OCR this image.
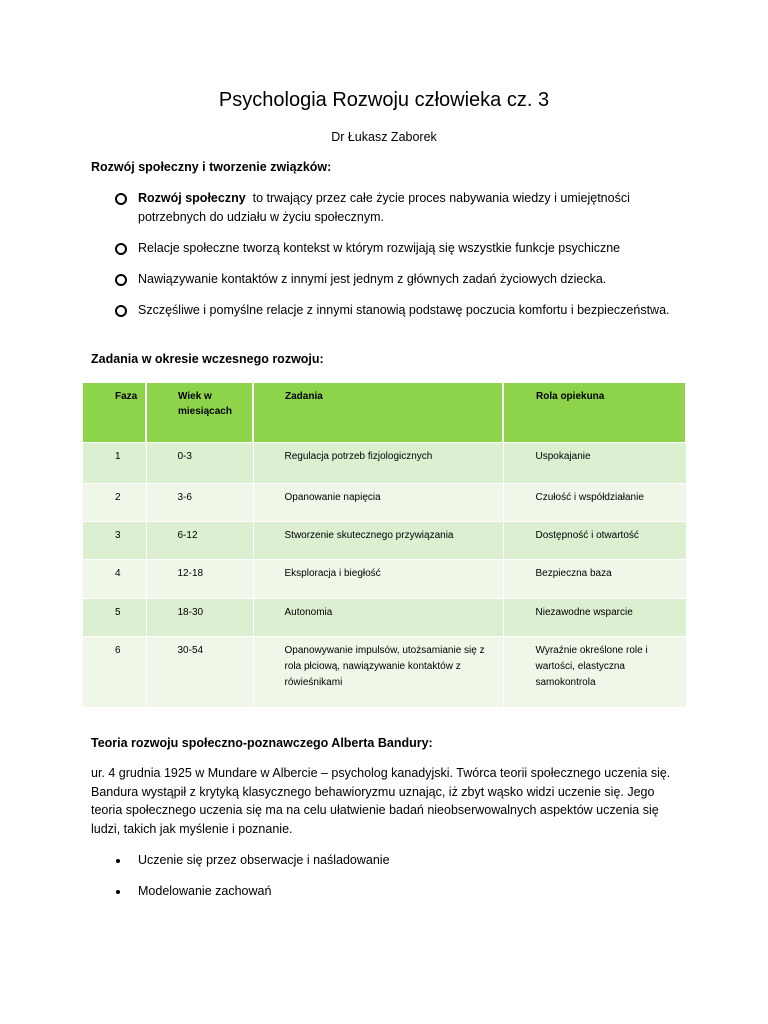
Psychologia Rozwoju człowieka cz. 3
Dr Łukasz Zaborek
Rozwój społeczny i tworzenie związków:
Rozwój społeczny  to trwający przez całe życie proces nabywania wiedzy i umiejętności potrzebnych do udziału w życiu społecznym.
Relacje społeczne tworzą kontekst w którym rozwijają się wszystkie funkcje psychiczne
Nawiązywanie kontaktów z innymi jest jednym z głównych zadań życiowych dziecka.
Szczęśliwe i pomyślne relacje z innymi stanowią podstawę poczucia komfortu i bezpieczeństwa.
Zadania w okresie wczesnego rozwoju:
Faza	Wiek w miesiącach	Zadania	Rola opiekuna
1	0-3	Regulacja potrzeb fizjologicznych	Uspokajanie
2	3-6	Opanowanie napięcia	Czułość i współdziałanie
3	6-12	Stworzenie skutecznego przywiązania	Dostępność i otwartość
4	12-18	Eksploracja i biegłość	Bezpieczna baza
5	18-30	Autonomia	Niezawodne wsparcie
6	30-54	Opanowywanie impulsów, utożsamianie się z rola płciową, nawiązywanie kontaktów z rówieśnikami	Wyraźnie określone role i wartości, elastyczna samokontrola
Teoria rozwoju społeczno-poznawczego Alberta Bandury:
ur. 4 grudnia 1925 w Mundare w Albercie – psycholog kanadyjski. Twórca teorii społecznego uczenia się. Bandura wystąpił z krytyką klasycznego behawioryzmu uznając, iż zbyt wąsko widzi uczenie się. Jego teoria społecznego uczenia się ma na celu ułatwienie badań nieobserwowalnych aspektów uczenia się ludzi, takich jak myślenie i poznanie.
Uczenie się przez obserwacje i naśladowanie
Modelowanie zachowań
